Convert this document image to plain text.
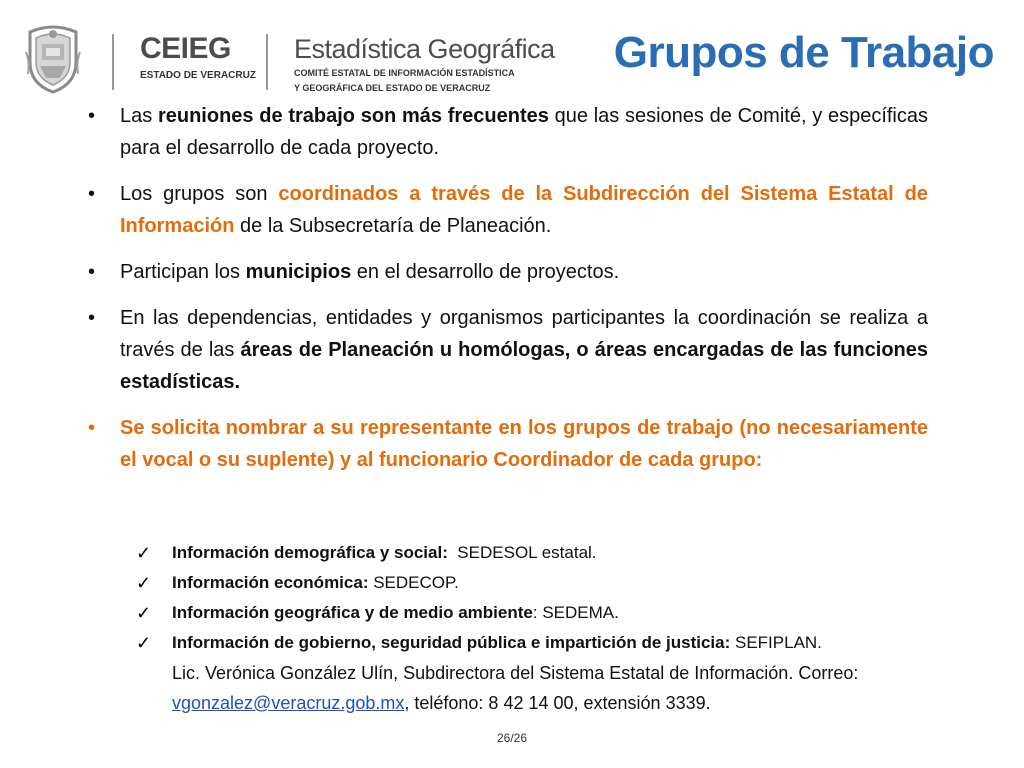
CEIEG
ESTADO DE VERACRUZ
Estadística Geográfica
COMITÉ ESTATAL DE INFORMACIÓN ESTADÍSTICA
Y GEOGRÁFICA DEL ESTADO DE VERACRUZ
Grupos de Trabajo
• Las reuniones de trabajo son más frecuentes que las sesiones de Comité, y específicas para el desarrollo de cada proyecto.

• Los grupos son coordinados a través de la Subdirección del Sistema Estatal de Información de la Subsecretaría de Planeación.

• Participan los municipios en el desarrollo de proyectos.

• En las dependencias, entidades y organismos participantes la coordinación se realiza a través de las áreas de Planeación u homólogas, o áreas encargadas de las funciones estadísticas.

• Se solicita nombrar a su representante en los grupos de trabajo (no necesariamente el vocal o su suplente) y al funcionario Coordinador de cada grupo:

✓ Información demográfica y social:  SEDESOL estatal.
✓ Información económica: SEDECOP.
✓ Información geográfica y de medio ambiente: SEDEMA.
✓ Información de gobierno, seguridad pública e impartición de justicia: SEFIPLAN.
Lic. Verónica González Ulín, Subdirectora del Sistema Estatal de Información. Correo:
vgonzalez@veracruz.gob.mx, teléfono: 8 42 14 00, extensión 3339.
26/26
